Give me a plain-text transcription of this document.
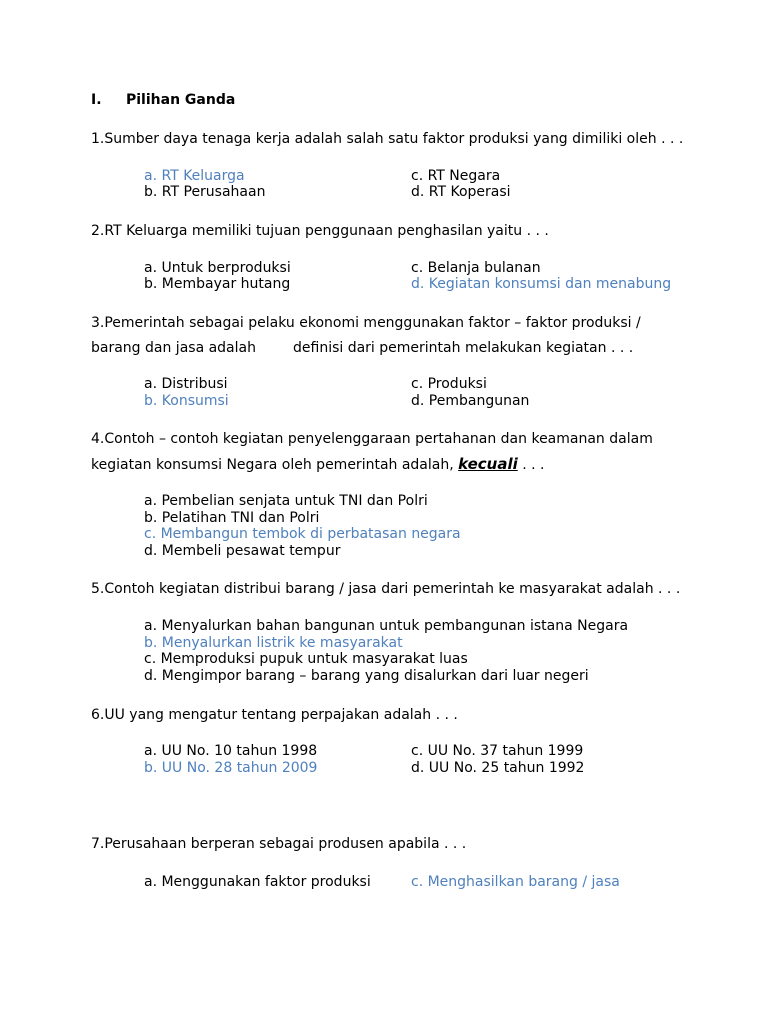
I. Pilihan Ganda
1.Sumber daya tenaga kerja adalah salah satu faktor produksi yang dimiliki oleh . . .
a. RT Keluarga
b. RT Perusahaan
c. RT Negara
d. RT Koperasi
2.RT Keluarga memiliki tujuan penggunaan penghasilan yaitu . . .
a. Untuk berproduksi
b. Membayar hutang
c. Belanja bulanan
d. Kegiatan konsumsi dan menabung
3.Pemerintah sebagai pelaku ekonomi menggunakan faktor – faktor produksi /
barang dan jasa adalah	definisi dari pemerintah melakukan kegiatan . . .
a. Distribusi
b. Konsumsi
c. Produksi
d. Pembangunan
4.Contoh – contoh kegiatan penyelenggaraan pertahanan dan keamanan dalam
kegiatan konsumsi Negara oleh pemerintah adalah, kecuali . . .
a. Pembelian senjata untuk TNI dan Polri
b. Pelatihan TNI dan Polri
c. Membangun tembok di perbatasan negara
d. Membeli pesawat tempur
5.Contoh kegiatan distribui barang / jasa dari pemerintah ke masyarakat adalah . . .
a. Menyalurkan bahan bangunan untuk pembangunan istana Negara
b. Menyalurkan listrik ke masyarakat
c. Memproduksi pupuk untuk masyarakat luas
d. Mengimpor barang – barang yang disalurkan dari luar negeri
6.UU yang mengatur tentang perpajakan adalah . . .
a. UU No. 10 tahun 1998
b. UU No. 28 tahun 2009
c. UU No. 37 tahun 1999
d. UU No. 25 tahun 1992
7.Perusahaan berperan sebagai produsen apabila . . .
a. Menggunakan faktor produksi	c. Menghasilkan barang / jasa
